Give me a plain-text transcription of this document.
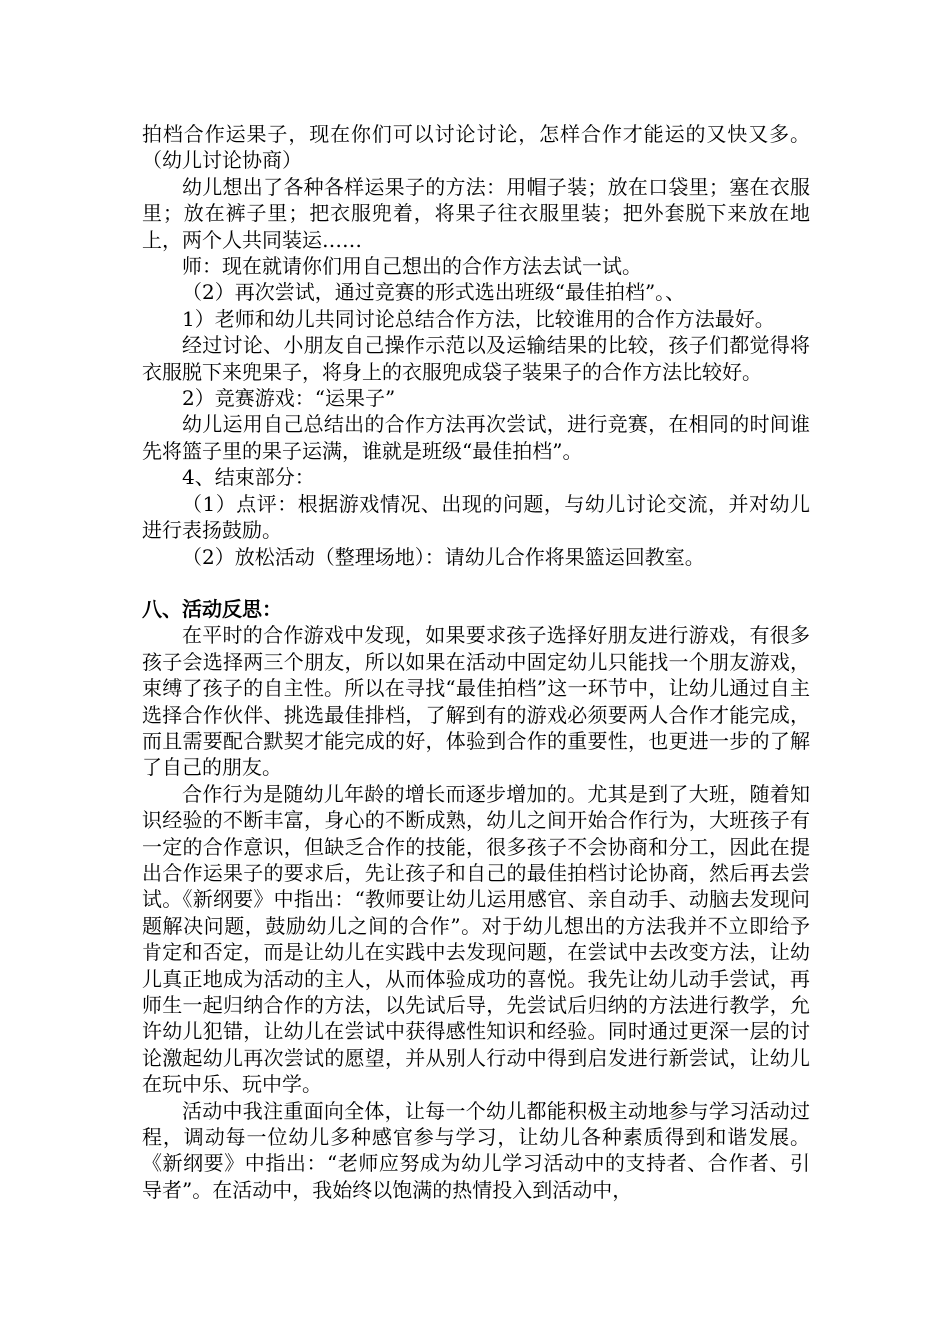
拍档合作运果子，现在你们可以讨论讨论，怎样合作才能运的又快又多。（幼儿讨论协商）

幼儿想出了各种各样运果子的方法：用帽子装；放在口袋里；塞在衣服里；放在裤子里；把衣服兜着，将果子往衣服里装；把外套脱下来放在地上，两个人共同装运……

师：现在就请你们用自己想出的合作方法去试一试。

（2）再次尝试，通过竞赛的形式选出班级“最佳拍档”。、

1）老师和幼儿共同讨论总结合作方法，比较谁用的合作方法最好。

经过讨论、小朋友自己操作示范以及运输结果的比较，孩子们都觉得将衣服脱下来兜果子，将身上的衣服兜成袋子装果子的合作方法比较好。

2）竞赛游戏：“运果子”

幼儿运用自己总结出的合作方法再次尝试，进行竞赛，在相同的时间谁先将篮子里的果子运满，谁就是班级“最佳拍档”。

4、结束部分：

（1）点评：根据游戏情况、出现的问题，与幼儿讨论交流，并对幼儿进行表扬鼓励。

（2）放松活动（整理场地）：请幼儿合作将果篮运回教室。

八、活动反思：

在平时的合作游戏中发现，如果要求孩子选择好朋友进行游戏，有很多孩子会选择两三个朋友，所以如果在活动中固定幼儿只能找一个朋友游戏，束缚了孩子的自主性。所以在寻找“最佳拍档”这一环节中，让幼儿通过自主选择合作伙伴、挑选最佳排档，了解到有的游戏必须要两人合作才能完成，而且需要配合默契才能完成的好，体验到合作的重要性，也更进一步的了解了自己的朋友。

合作行为是随幼儿年龄的增长而逐步增加的。尤其是到了大班，随着知识经验的不断丰富，身心的不断成熟，幼儿之间开始合作行为，大班孩子有一定的合作意识，但缺乏合作的技能，很多孩子不会协商和分工，因此在提出合作运果子的要求后，先让孩子和自己的最佳拍档讨论协商，然后再去尝试。《新纲要》中指出：“教师要让幼儿运用感官、亲自动手、动脑去发现问题解决问题，鼓励幼儿之间的合作”。对于幼儿想出的方法我并不立即给予肯定和否定，而是让幼儿在实践中去发现问题，在尝试中去改变方法，让幼儿真正地成为活动的主人，从而体验成功的喜悦。我先让幼儿动手尝试，再师生一起归纳合作的方法，以先试后导，先尝试后归纳的方法进行教学，允许幼儿犯错，让幼儿在尝试中获得感性知识和经验。同时通过更深一层的讨论激起幼儿再次尝试的愿望，并从别人行动中得到启发进行新尝试，让幼儿在玩中乐、玩中学。

活动中我注重面向全体，让每一个幼儿都能积极主动地参与学习活动过程，调动每一位幼儿多种感官参与学习，让幼儿各种素质得到和谐发展。《新纲要》中指出：“老师应努成为幼儿学习活动中的支持者、合作者、引导者”。在活动中，我始终以饱满的热情投入到活动中，
